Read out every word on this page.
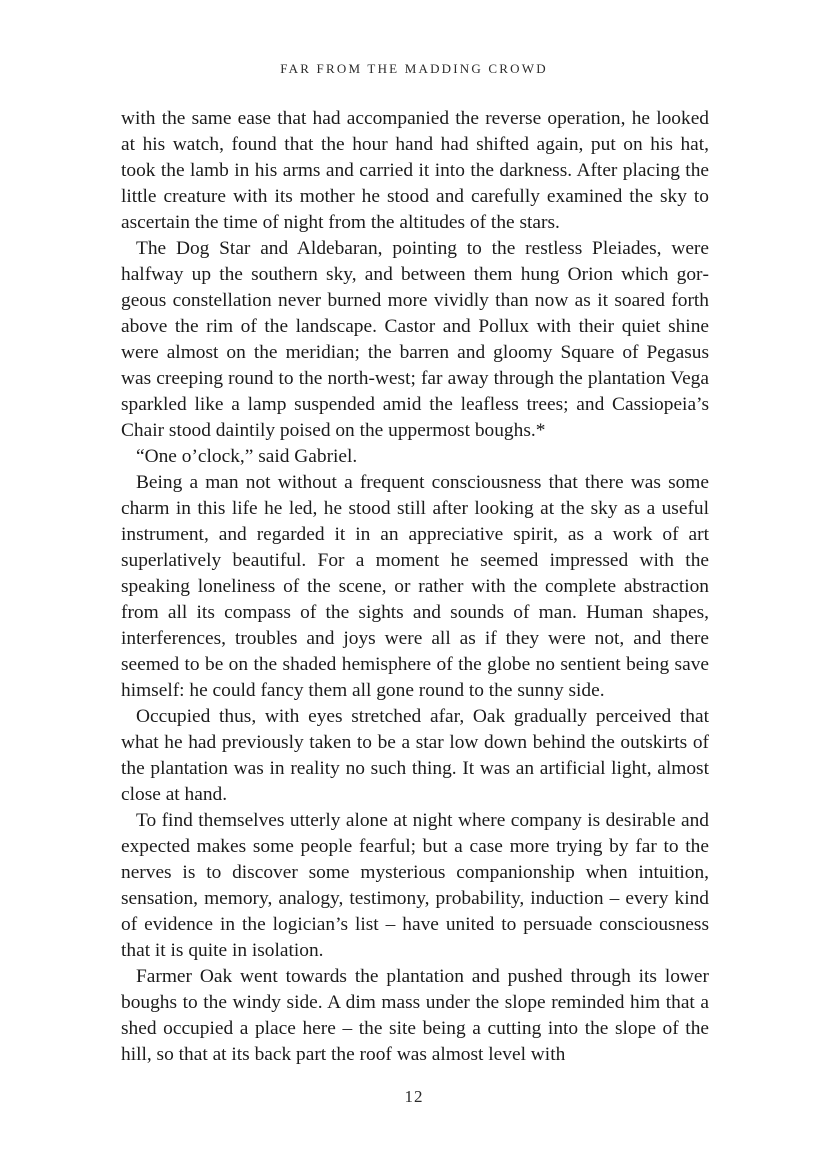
FAR FROM THE MADDING CROWD

with the same ease that had accompanied the reverse operation, he looked at his watch, found that the hour hand had shifted again, put on his hat, took the lamb in his arms and carried it into the darkness. After placing the little creature with its mother he stood and carefully examined the sky to ascertain the time of night from the altitudes of the stars.

The Dog Star and Aldebaran, pointing to the restless Pleiades, were halfway up the southern sky, and between them hung Orion which gorgeous constellation never burned more vividly than now as it soared forth above the rim of the landscape. Castor and Pollux with their quiet shine were almost on the meridian; the barren and gloomy Square of Pegasus was creeping round to the north-west; far away through the plantation Vega sparkled like a lamp suspended amid the leafless trees; and Cassiopeia’s Chair stood daintily poised on the uppermost boughs.*

“One o’clock,” said Gabriel.

Being a man not without a frequent consciousness that there was some charm in this life he led, he stood still after looking at the sky as a useful instrument, and regarded it in an appreciative spirit, as a work of art superlatively beautiful. For a moment he seemed impressed with the speaking loneliness of the scene, or rather with the complete abstraction from all its compass of the sights and sounds of man. Human shapes, interferences, troubles and joys were all as if they were not, and there seemed to be on the shaded hemisphere of the globe no sentient being save himself: he could fancy them all gone round to the sunny side.

Occupied thus, with eyes stretched afar, Oak gradually perceived that what he had previously taken to be a star low down behind the outskirts of the plantation was in reality no such thing. It was an artificial light, almost close at hand.

To find themselves utterly alone at night where company is desirable and expected makes some people fearful; but a case more trying by far to the nerves is to discover some mysterious companionship when intuition, sensation, memory, analogy, testimony, probability, induction – every kind of evidence in the logician’s list – have united to persuade consciousness that it is quite in isolation.

Farmer Oak went towards the plantation and pushed through its lower boughs to the windy side. A dim mass under the slope reminded him that a shed occupied a place here – the site being a cutting into the slope of the hill, so that at its back part the roof was almost level with

12
